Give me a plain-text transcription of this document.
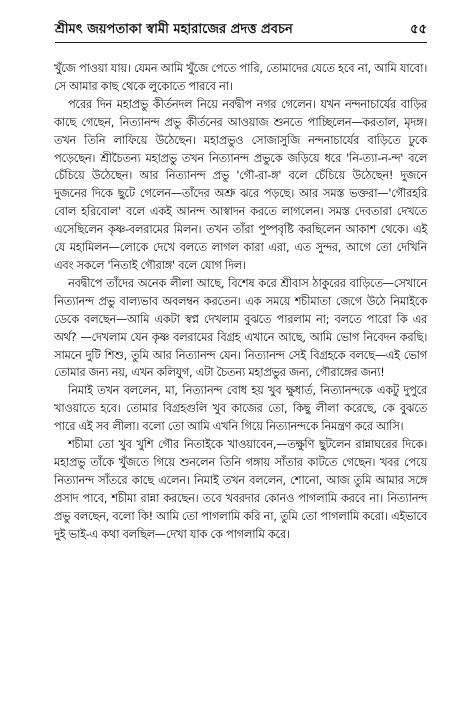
শ্রীমৎ জয়পতাকা স্বামী মহারাজের প্রদত্ত প্রবচন	৫৫

খুঁজে পাওয়া যায়। যেমন আমি খুঁজে পেতে পারি, তোমাদের যেতে হবে না, আমি যাবো। সে আমার কাছ থেকে লুকোতে পারবে না।

পরের দিন মহাপ্রভু কীর্তনদল নিয়ে নবদ্বীপ নগর গেলেন। যখন নন্দনাচার্যের বাড়ির কাছে গেছেন, নিত্যানন্দ প্রভু কীর্তনের আওয়াজ শুনতে পাচ্ছিলেন—করতাল, মৃদঙ্গ। তখন তিনি লাফিয়ে উঠেছেন। মহাপ্রভুও সোজাসুজি নন্দনাচার্যের বাড়িতে ঢুকে পড়েছেন। শ্রীচৈতন্য মহাপ্রভু তখন নিত্যানন্দ প্রভুকে জড়িয়ে ধরে 'নি-ত্যা-ন-ন্দ' বলে চেঁচিয়ে উঠেছেন। আর নিত্যানন্দ প্রভু 'গৌ-রা-ঙ্গ' বলে চেঁচিয়ে উঠেছেন! দুজনে দুজনের দিকে ছুটে গেলেন—তাঁদের অশ্রু ঝরে পড়ছে। আর সমস্ত ভক্তরা—'গৌরহরি বোল হরিবোল' বলে একই আনন্দ আস্বাদন করতে লাগলেন। সমস্ত দেবতারা দেখতে এসেছিলেন কৃষ্ণ-বলরামের মিলন। তখন তাঁরা পুষ্পবৃষ্টি করছিলেন আকাশ থেকে। এই যে মহামিলন—লোকে দেখে বলতে লাগল কারা এরা, এত সুন্দর, আগে তো দেখিনি এবং সকলে 'নিতাই গৌরাঙ্গ' বলে যোগ দিল।

নবদ্বীপে তাঁদের অনেক লীলা আছে, বিশেষ করে শ্রীবাস ঠাকুরের বাড়িতে—সেখানে নিত্যানন্দ প্রভু বাল্যভাব অবলম্বন করতেন। এক সময়ে শচীমাতা জেগে উঠে নিমাইকে ডেকে বলছেন—আমি একটা স্বপ্ন দেখলাম বুঝতে পারলাম না; বলতে পারো কি এর অর্থ? —দেখলাম যেন কৃষ্ণ বলরামের বিগ্রহ এখানে আছে, আমি ভোগ নিবেদন করছি। সামনে দুটি শিশু, তুমি আর নিত্যানন্দ যেন। নিত্যানন্দ সেই বিগ্রহকে বলছে—এই ভোগ তোমার জন্য নয়, এখন কলিযুগ, এটা চৈতন্য মহাপ্রভুর জন্য, গৌরাঙ্গের জন্য!

নিমাই তখন বললেন, মা, নিত্যানন্দ বোধ হয় খুব ক্ষুধার্ত, নিত্যানন্দকে একটু দুপুরে খাওয়াতে হবে। তোমার বিগ্রহগুলি খুব কাজের তো, কিছু লীলা করেছে, কে বুঝতে পারে এই সব লীলা। বলো তো আমি এখনি গিয়ে নিত্যানন্দকে নিমন্ত্রণ করে আসি।

শচীমা তো খুব খুশি গৌর নিতাইকে খাওয়াবেন,—তক্ষুণি ছুটলেন রান্নাঘরের দিকে। মহাপ্রভু তাঁকে খুঁজতে গিয়ে শুনলেন তিনি গঙ্গায় সাঁতার কাটতে গেছেন। খবর পেয়ে নিত্যানন্দ সাঁতরে কাছে এলেন। নিমাই তখন বললেন, শোনো, আজ তুমি আমার সঙ্গে প্রসাদ পাবে, শচীমা রান্না করছেন। তবে খবরদার কোনও পাগলামি করবে না। নিত্যানন্দ প্রভু বলছেন, বলো কি! আমি তো পাগলামি করি না, তুমি তো পাগলামি করো। এইভাবে দুই ভাই-এ কথা বলছিল—দেখা যাক কে পাগলামি করে।
